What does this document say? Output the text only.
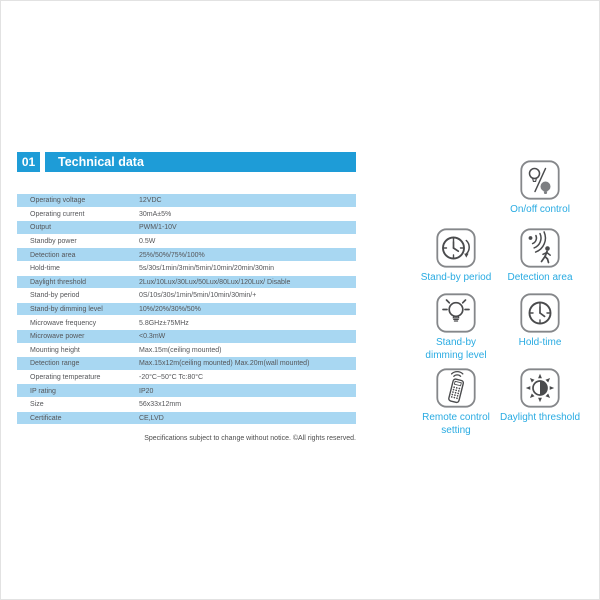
01	Technical data
Operating voltage	12VDC
Operating current	30mA±5%
Output	PWM/1-10V
Standby power	0.5W
Detection area	25%/50%/75%/100%
Hold-time	5s/30s/1min/3min/5min/10min/20min/30min
Daylight threshold	2Lux/10Lux/30Lux/50Lux/80Lux/120Lux/ Disable
Stand-by period	0S/10s/30s/1min/5min/10min/30min/+
Stand-by dimming level	10%/20%/30%/50%
Microwave frequency	5.8GHz±75MHz
Microwave power	<0.3mW
Mounting height	Max.15m(ceiling mounted)
Detection range	Max.15x12m(ceiling mounted) Max.20m(wall mounted)
Operating temperature	-20°C~50°C Tc:80°C
IP rating	IP20
Size	56x33x12mm
Certificate	CE,LVD
Specifications subject to change without notice. ©All rights reserved.
On/off control
Stand-by period Detection area
Stand-by dimming level
Hold-time
Remote control setting
Daylight threshold
